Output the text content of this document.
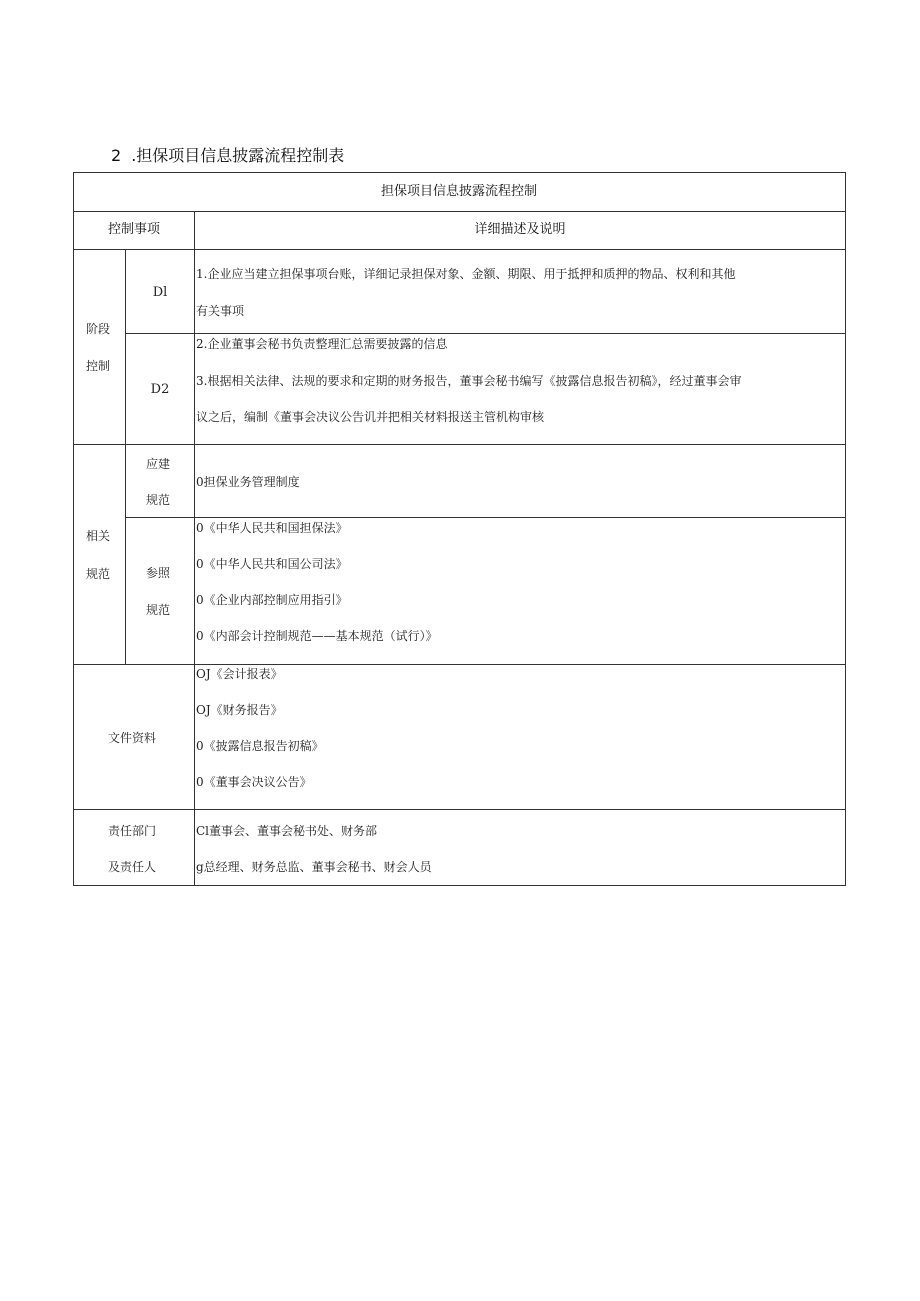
2 .担保项目信息披露流程控制表
担保项目信息披露流程控制
控制事项	详细描述及说明
阶段
控制
Dl
1.企业应当建立担保事项台账，详细记录担保对象、金额、期限、用于抵押和质押的物品、权利和其他
有关事项
D2
2.企业董事会秘书负责整理汇总需要披露的信息
3.根据相关法律、法规的要求和定期的财务报告，董事会秘书编写《披露信息报告初稿》，经过董事会审
议之后，编制《董事会决议公告讥并把相关材料报送主管机构审核
相关
规范
应建
规范
0担保业务管理制度
参照
规范
0《中华人民共和国担保法》
0《中华人民共和国公司法》
0《企业内部控制应用指引》
0《内部会计控制规范——基本规范（试行）》
文件资料
OJ《会计报表》
OJ《财务报告》
0《披露信息报告初稿》
0《董事会决议公告》
责任部门
及责任人
Cl董事会、董事会秘书处、财务部
g总经理、财务总监、董事会秘书、财会人员
